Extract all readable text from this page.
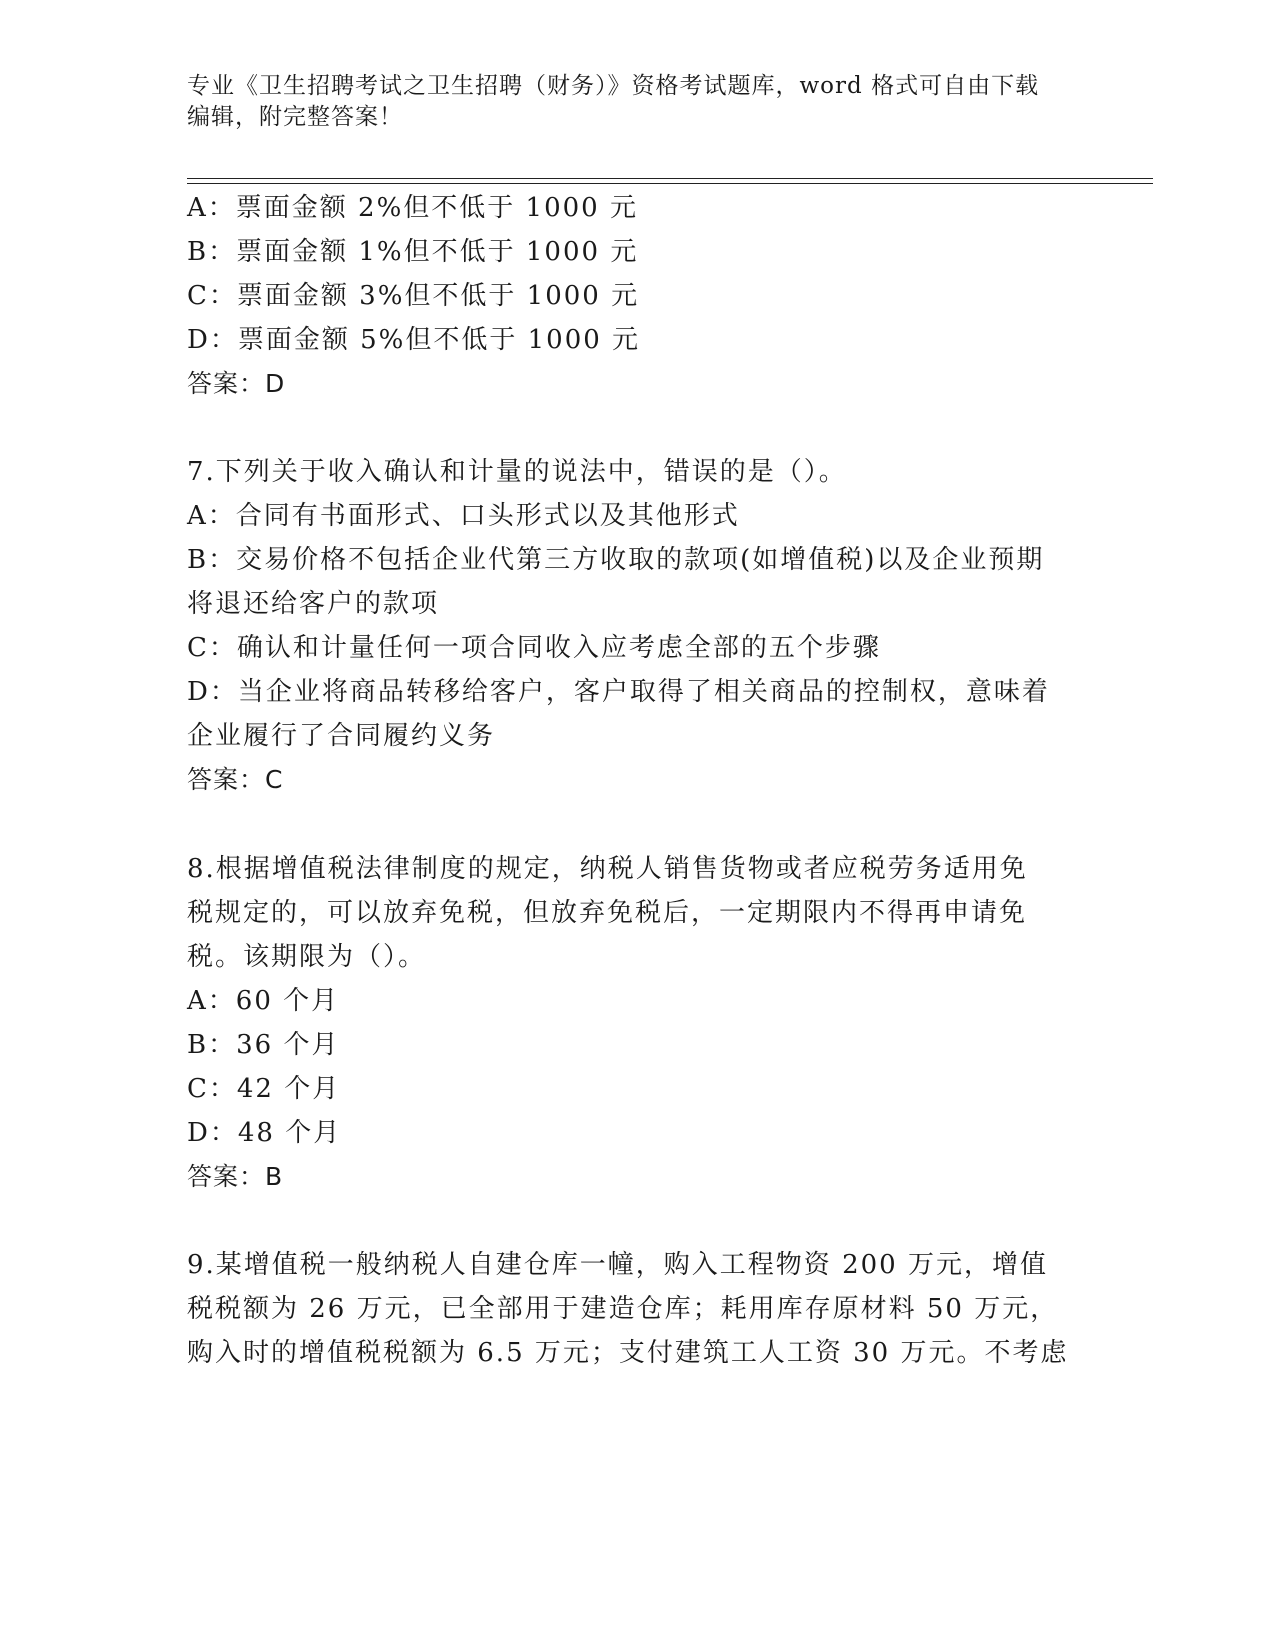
专业《卫生招聘考试之卫生招聘（财务）》资格考试题库，word 格式可自由下载
编辑，附完整答案！
A：票面金额 2%但不低于 1000 元
B：票面金额 1%但不低于 1000 元
C：票面金额 3%但不低于 1000 元
D：票面金额 5%但不低于 1000 元
答案：D
7.下列关于收入确认和计量的说法中，错误的是（）。
A：合同有书面形式、口头形式以及其他形式
B：交易价格不包括企业代第三方收取的款项(如增值税)以及企业预期
将退还给客户的款项
C：确认和计量任何一项合同收入应考虑全部的五个步骤
D：当企业将商品转移给客户，客户取得了相关商品的控制权，意味着
企业履行了合同履约义务
答案：C
8.根据增值税法律制度的规定，纳税人销售货物或者应税劳务适用免
税规定的，可以放弃免税，但放弃免税后，一定期限内不得再申请免
税。该期限为（）。
A：60 个月
B：36 个月
C：42 个月
D：48 个月
答案：B
9.某增值税一般纳税人自建仓库一幢，购入工程物资 200 万元，增值
税税额为 26 万元，已全部用于建造仓库；耗用库存原材料 50 万元，
购入时的增值税税额为 6.5 万元；支付建筑工人工资 30 万元。不考虑
